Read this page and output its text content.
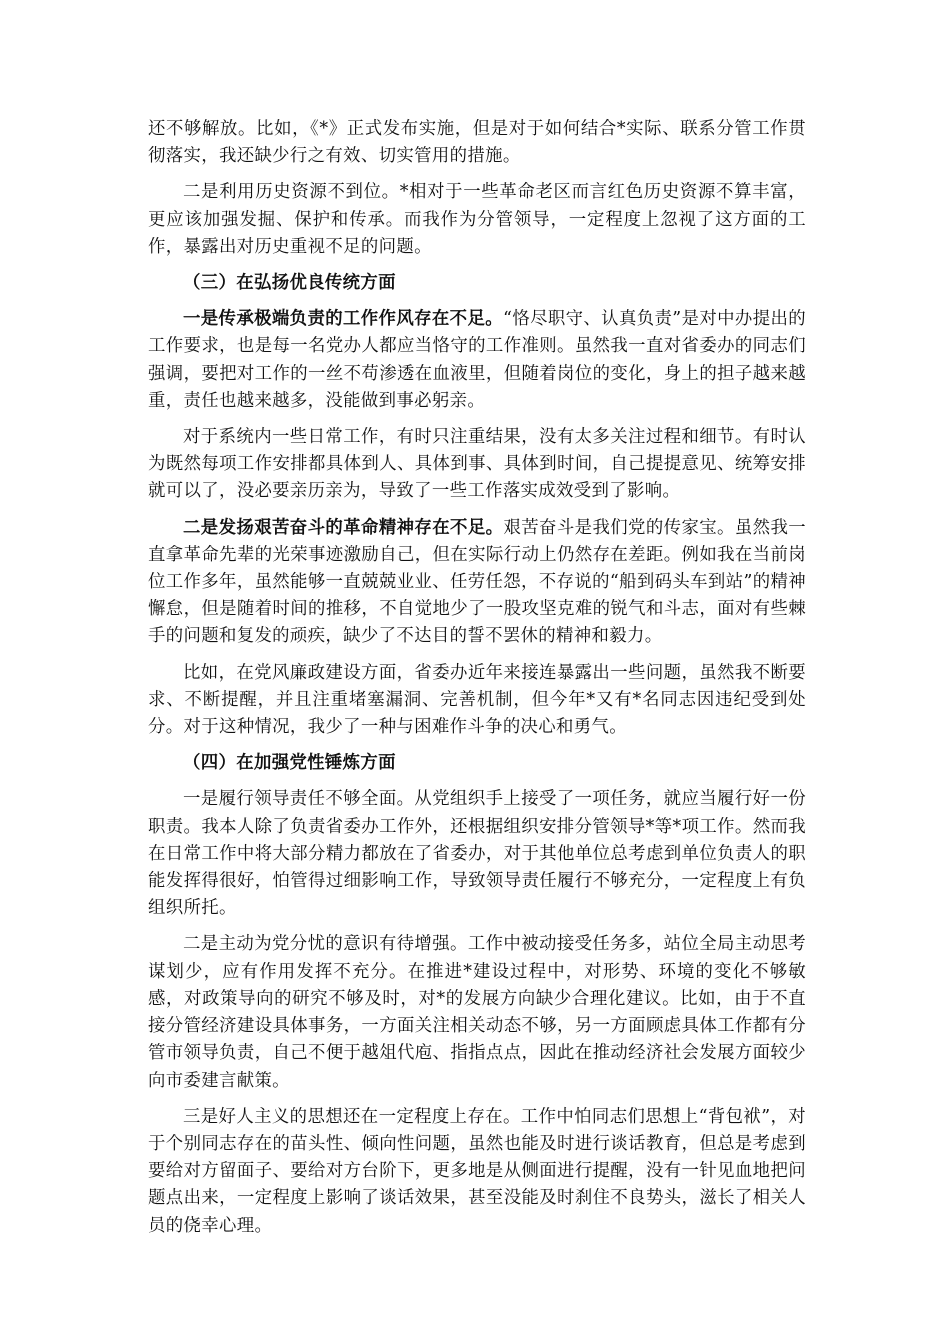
还不够解放。比如，《*》正式发布实施，但是对于如何结合*实际、联系分管工作贯彻落实，我还缺少行之有效、切实管用的措施。

二是利用历史资源不到位。*相对于一些革命老区而言红色历史资源不算丰富，更应该加强发掘、保护和传承。而我作为分管领导，一定程度上忽视了这方面的工作，暴露出对历史重视不足的问题。

（三）在弘扬优良传统方面

一是传承极端负责的工作作风存在不足。“恪尽职守、认真负责”是对中办提出的工作要求，也是每一名党办人都应当恪守的工作准则。虽然我一直对省委办的同志们强调，要把对工作的一丝不苟渗透在血液里，但随着岗位的变化，身上的担子越来越重，责任也越来越多，没能做到事必躬亲。

对于系统内一些日常工作，有时只注重结果，没有太多关注过程和细节。有时认为既然每项工作安排都具体到人、具体到事、具体到时间，自己提提意见、统筹安排就可以了，没必要亲历亲为，导致了一些工作落实成效受到了影响。

二是发扬艰苦奋斗的革命精神存在不足。艰苦奋斗是我们党的传家宝。虽然我一直拿革命先辈的光荣事迹激励自己，但在实际行动上仍然存在差距。例如我在当前岗位工作多年，虽然能够一直兢兢业业、任劳任怨，不存说的“船到码头车到站”的精神懈怠，但是随着时间的推移，不自觉地少了一股攻坚克难的锐气和斗志，面对有些棘手的问题和复发的顽疾，缺少了不达目的誓不罢休的精神和毅力。

比如，在党风廉政建设方面，省委办近年来接连暴露出一些问题，虽然我不断要求、不断提醒，并且注重堵塞漏洞、完善机制，但今年*又有*名同志因违纪受到处分。对于这种情况，我少了一种与困难作斗争的决心和勇气。

（四）在加强党性锤炼方面

一是履行领导责任不够全面。从党组织手上接受了一项任务，就应当履行好一份职责。我本人除了负责省委办工作外，还根据组织安排分管领导*等*项工作。然而我在日常工作中将大部分精力都放在了省委办，对于其他单位总考虑到单位负责人的职能发挥得很好，怕管得过细影响工作，导致领导责任履行不够充分，一定程度上有负组织所托。

二是主动为党分忧的意识有待增强。工作中被动接受任务多，站位全局主动思考谋划少，应有作用发挥不充分。在推进*建设过程中，对形势、环境的变化不够敏感，对政策导向的研究不够及时，对*的发展方向缺少合理化建议。比如，由于不直接分管经济建设具体事务，一方面关注相关动态不够，另一方面顾虑具体工作都有分管市领导负责，自己不便于越俎代庖、指指点点，因此在推动经济社会发展方面较少向市委建言献策。

三是好人主义的思想还在一定程度上存在。工作中怕同志们思想上“背包袱”，对于个别同志存在的苗头性、倾向性问题，虽然也能及时进行谈话教育，但总是考虑到要给对方留面子、要给对方台阶下，更多地是从侧面进行提醒，没有一针见血地把问题点出来，一定程度上影响了谈话效果，甚至没能及时刹住不良势头，滋长了相关人员的侥幸心理。
